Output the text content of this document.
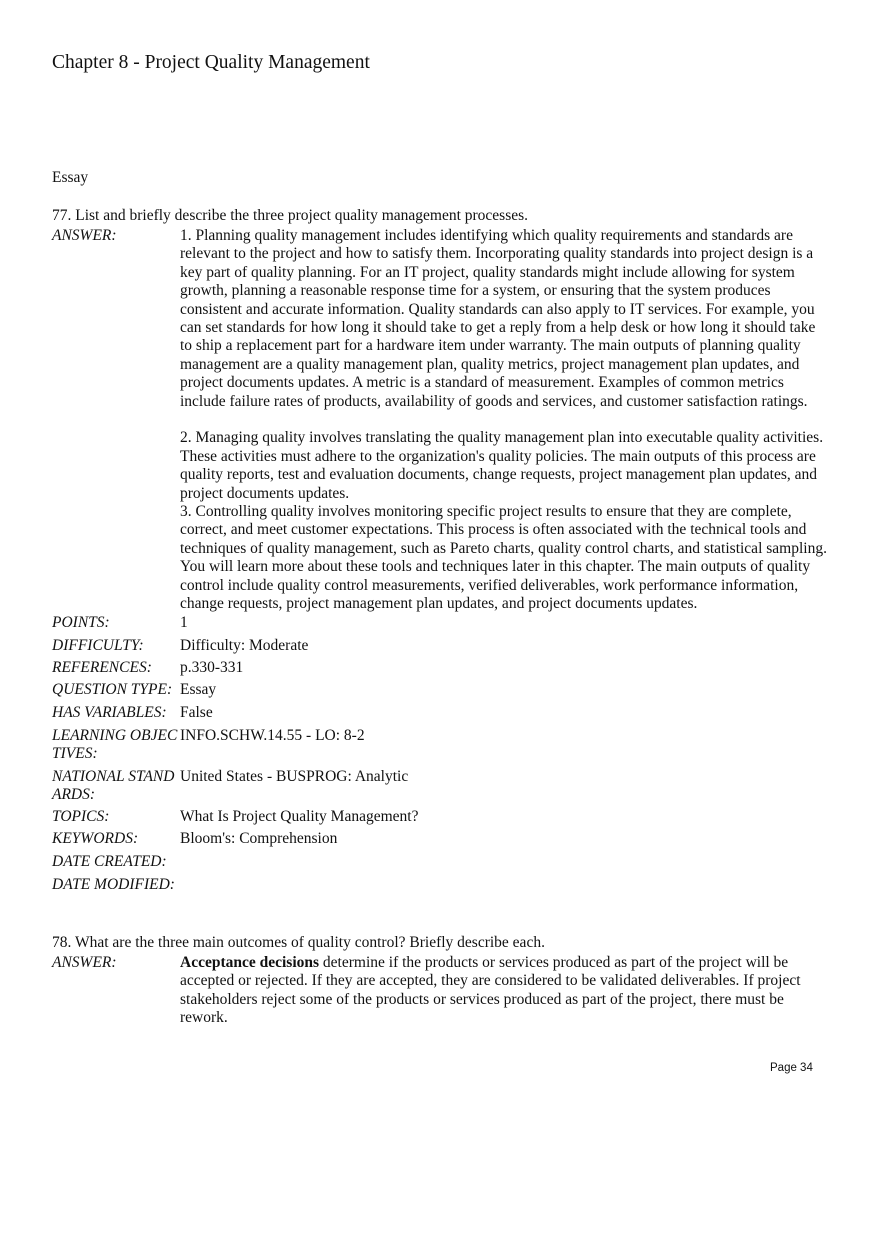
Chapter 8 - Project Quality Management
Essay
77. List and briefly describe the three project quality management processes.
ANSWER:	1. Planning quality management includes identifying which quality requirements and standards are relevant to the project and how to satisfy them. Incorporating quality standards into project design is a key part of quality planning. For an IT project, quality standards might include allowing for system growth, planning a reasonable response time for a system, or ensuring that the system produces consistent and accurate information. Quality standards can also apply to IT services. For example, you can set standards for how long it should take to get a reply from a help desk or how long it should take to ship a replacement part for a hardware item under warranty. The main outputs of planning quality management are a quality management plan, quality metrics, project management plan updates, and project documents updates. A metric is a standard of measurement. Examples of common metrics include failure rates of products, availability of goods and services, and customer satisfaction ratings.

2. Managing quality involves translating the quality management plan into executable quality activities. These activities must adhere to the organization's quality policies. The main outputs of this process are quality reports, test and evaluation documents, change requests, project management plan updates, and project documents updates.

3. Controlling quality involves monitoring specific project results to ensure that they are complete, correct, and meet customer expectations. This process is often associated with the technical tools and techniques of quality management, such as Pareto charts, quality control charts, and statistical sampling. You will learn more about these tools and techniques later in this chapter. The main outputs of quality control include quality control measurements, verified deliverables, work performance information, change requests, project management plan updates, and project documents updates.

POINTS:	1
DIFFICULTY:	Difficulty: Moderate
REFERENCES:	p.330-331
QUESTION TYPE: Essay
HAS VARIABLES: False
LEARNING OBJECTIVES:
INFO.SCHW.14.55 - LO: 8-2
NATIONAL STANDARDS:
United States - BUSPROG: Analytic
TOPICS:	What Is Project Quality Management?
KEYWORDS:	Bloom's: Comprehension
DATE CREATED:
DATE MODIFIED:
78. What are the three main outcomes of quality control? Briefly describe each.
ANSWER:	Acceptance decisions determine if the products or services produced as part of the project will be accepted or rejected. If they are accepted, they are considered to be validated deliverables. If project stakeholders reject some of the products or services produced as part of the project, there must be rework.

Page 34
